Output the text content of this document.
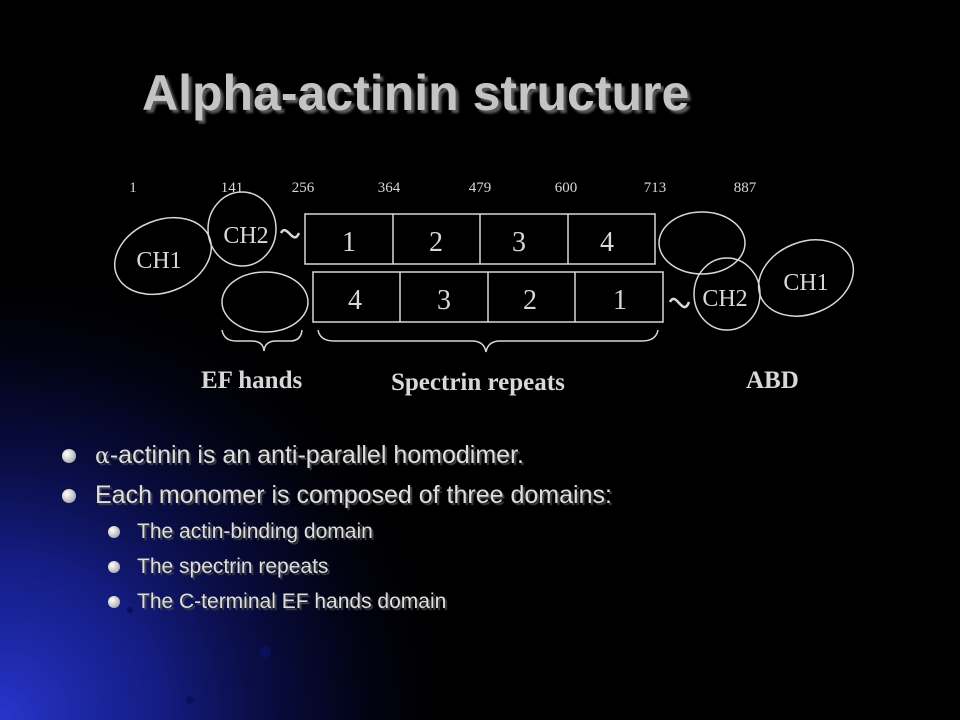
Alpha-actinin structure
1	141	256	364	479	600	713	887
CH1
CH2	1	2 3	4
4	3	2	1	CH2
CH1
EF hands	Spectrin repeats	ABD
α-actinin is an anti-parallel homodimer.
Each monomer is composed of three domains:
The actin-binding domain
The spectrin repeats
The C-terminal EF hands domain
